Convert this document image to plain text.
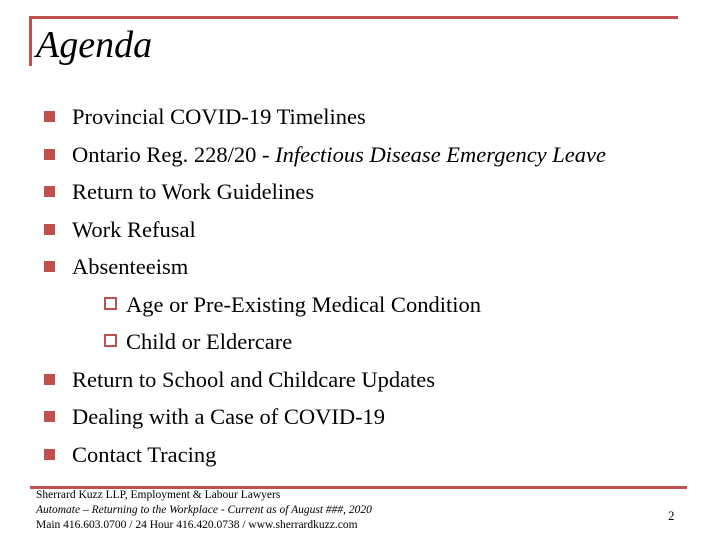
Agenda
Provincial COVID-19 Timelines
Ontario Reg. 228/20 - Infectious Disease Emergency Leave
Return to Work Guidelines
Work Refusal
Absenteeism
Age or Pre-Existing Medical Condition
Child or Eldercare
Return to School and Childcare Updates
Dealing with a Case of COVID-19
Contact Tracing
Sherrard Kuzz LLP, Employment & Labour Lawyers
Automate – Returning to the Workplace - Current as of August ###, 2020
Main 416.603.0700 / 24 Hour 416.420.0738 / www.sherrardkuzz.com
2
